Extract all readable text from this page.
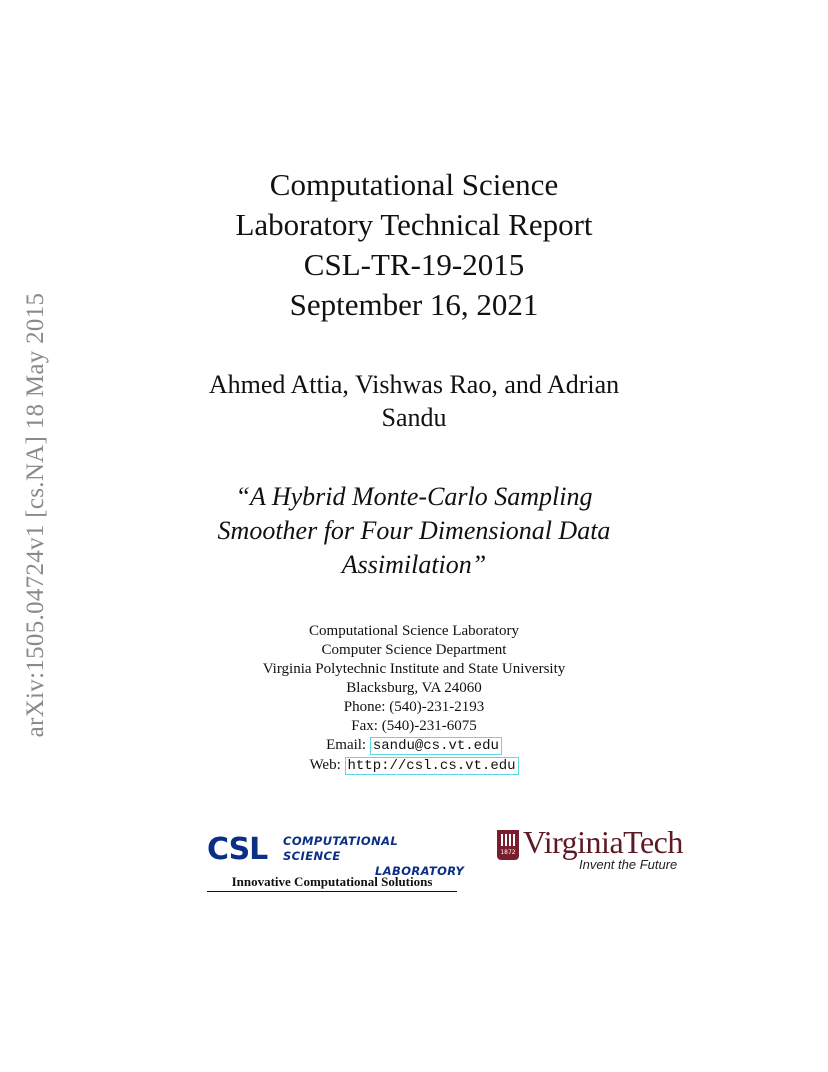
arXiv:1505.04724v1 [cs.NA] 18 May 2015
Computational Science
Laboratory Technical Report
CSL-TR-19-2015
September 16, 2021
Ahmed Attia, Vishwas Rao, and Adrian
Sandu
“A Hybrid Monte-Carlo Sampling
Smoother for Four Dimensional Data
Assimilation”
Computational Science Laboratory
Computer Science Department
Virginia Polytechnic Institute and State University
Blacksburg, VA 24060
Phone: (540)-231-2193
Fax: (540)-231-6075
Email: sandu@cs.vt.edu
Web: http://csl.cs.vt.edu
CSL COMPUTATIONAL SCIENCE
LABORATORY
Innovative Computational Solutions
1872 VirginiaTech
Invent the Future
